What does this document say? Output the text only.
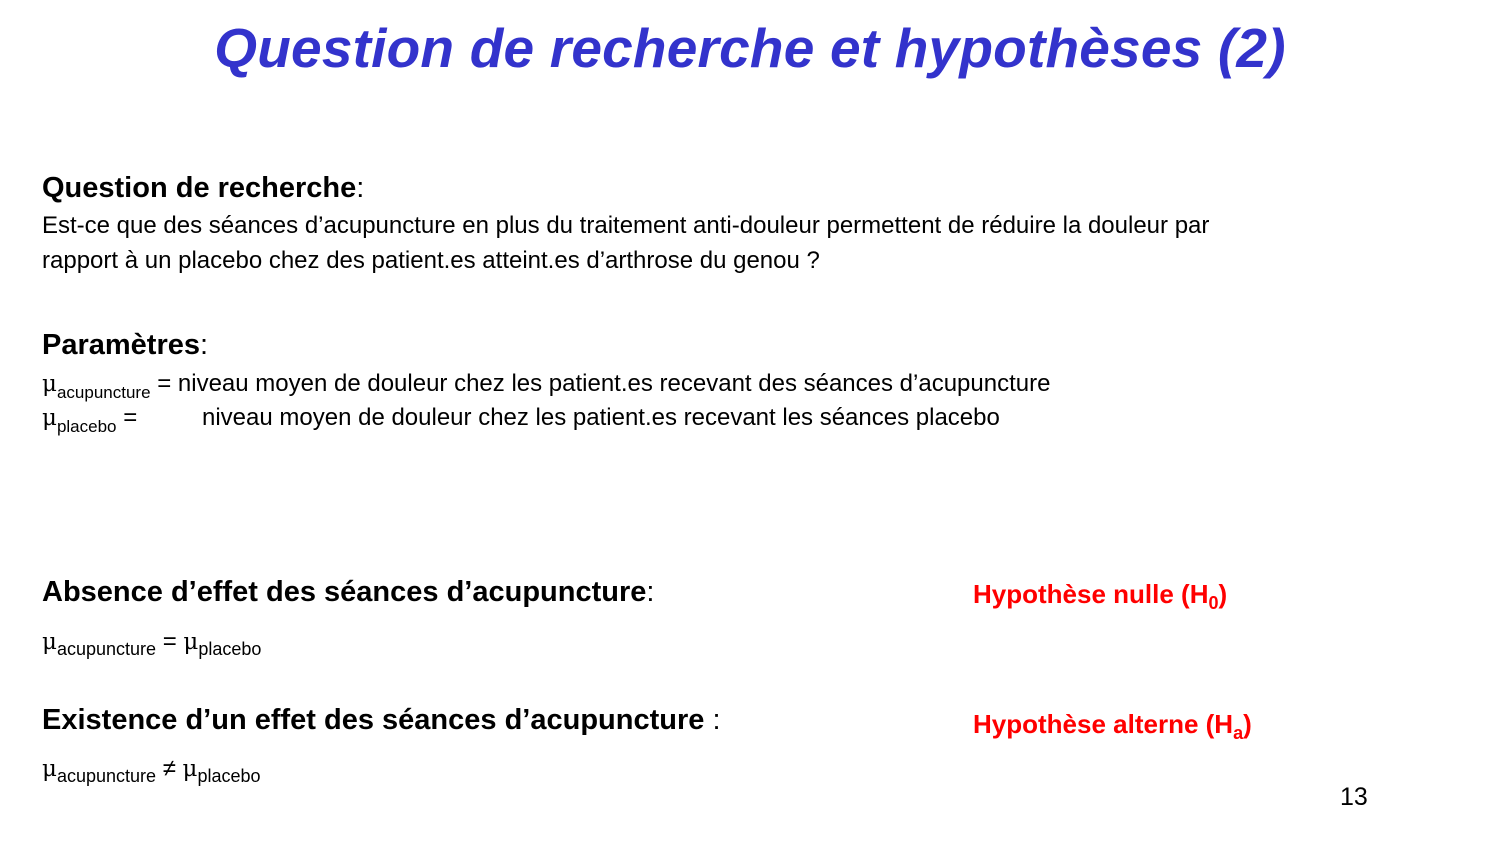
Question de recherche et hypothèses (2)
Question de recherche:
Est-ce que des séances d’acupuncture en plus du traitement anti-douleur permettent de réduire la douleur par
rapport à un placebo chez des patient.es atteint.es d’arthrose du genou ?
Paramètres:
$\mu_{acupuncture}$ = niveau moyen de douleur chez les patient.es recevant des séances d’acupuncture
$\mu_{placebo}$ =	niveau moyen de douleur chez les patient.es recevant les séances placebo
Absence d’effet des séances d’acupuncture:
$\mu_{acupuncture} = \mu_{placebo}$
Hypothèse nulle $(H_0)$
Existence d’un effet des séances d’acupuncture :
$\mu_{acupuncture} \ne \mu_{placebo}$
Hypothèse alterne $(H_a)$
13
